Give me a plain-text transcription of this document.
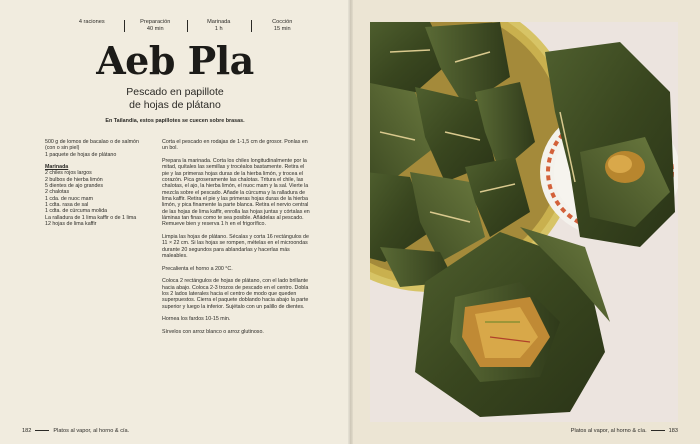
4 raciones	Preparación
40 min
Marinada
1 h
Cocción
15 min
Aeb Pla
Pescado en papillote
de hojas de plátano
En Tailandia, estos papillotes se cuecen sobre brasas.
500 g de lomos de bacalao o de salmón
(con o sin piel)
1 paquete de hojas de plátano
Marinada
2 chiles rojos largos
2 bulbos de hierba limón
5 dientes de ajo grandes
2 chalotas
1 cda. de nuoc mam
1 cdta. rasa de sal
1 cdta. de cúrcuma molida
La ralladura de 1 lima kaffir o de 1 lima
12 hojas de lima kaffir

Corta el pescado en rodajas de 1-1,5 cm de grosor. Ponlas en un bol.

Prepara la marinada. Corta los chiles longitudinalmente por la mitad, quítales las semillas y trocéalos bastamente. Retira el pie y las primeras hojas duras de la hierba limón, y trocea el corazón. Pica groseramente las chalotas. Tritura el chile, las chalotas, el ajo, la hierba limón, el nuoc mam y la sal. Vierte la mezcla sobre el pescado. Añade la cúrcuma y la ralladura de lima kaffir. Retira el pie y las primeras hojas duras de la hierba limón, y pica finamente la parte blanca. Retira el nervio central de las hojas de lima kaffir, enrolla las hojas juntas y córtalas en láminas tan finas como te sea posible. Añádelas al pescado. Remueve bien y reserva 1 h en el frigorífico.

Limpia las hojas de plátano. Sécalas y corta 16 rectángulos de 11 × 22 cm. Si las hojas se rompen, mételas en el microondas durante 20 segundos para ablandarlas y hacerlas más maleables.

Precalienta el horno a 200 °C.

Coloca 2 rectángulos de hojas de plátano, con el lado brillante hacia abajo. Coloca 2-3 trozos de pescado en el centro. Dobla los 2 lados laterales hacia el centro de modo que queden superpuestos. Cierra el paquete doblando hacia abajo la parte superior y luego la inferior. Sujétalo con un palillo de dientes.

Hornea los fardos 10-15 min.

Sírvelos con arroz blanco o arroz glutinoso.

182	Platos al vapor, al horno & cía.	Platos al vapor, al horno & cía.	183
